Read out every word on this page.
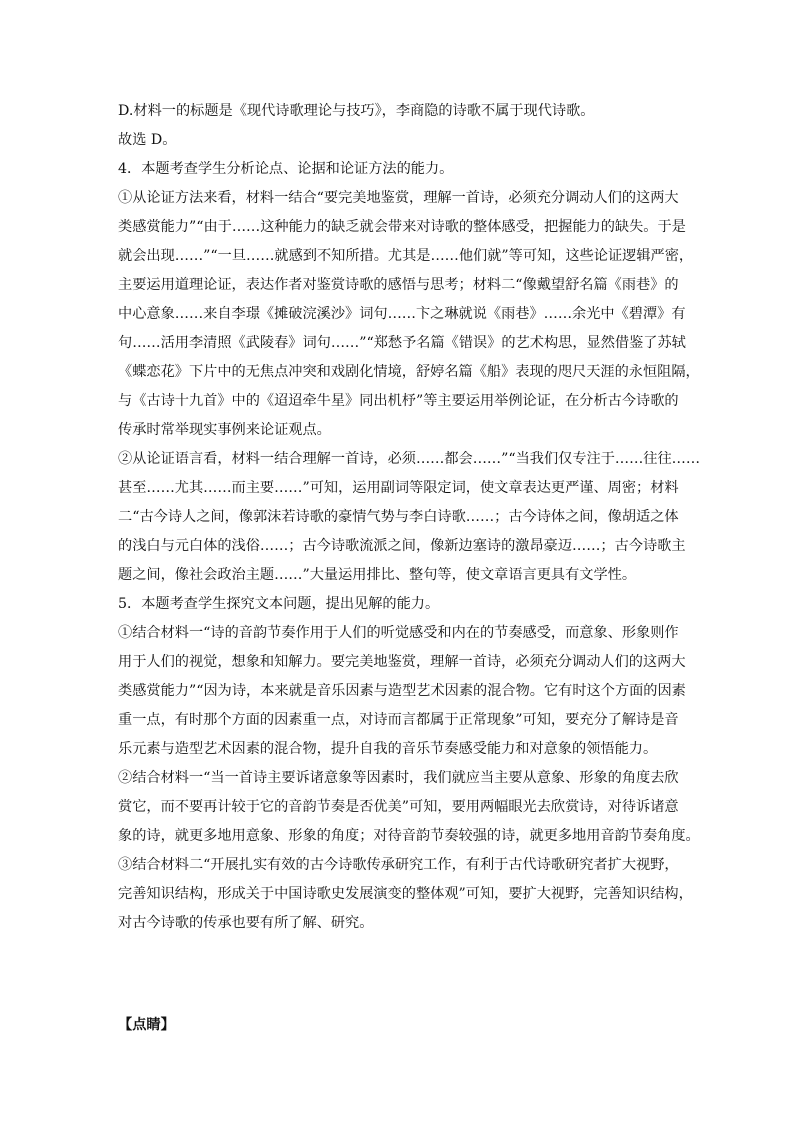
D.材料一的标题是《现代诗歌理论与技巧》，李商隐的诗歌不属于现代诗歌。

故选 D。

4．本题考查学生分析论点、论据和论证方法的能力。

①从论证方法来看，材料一结合“要完美地鉴赏，理解一首诗，必须充分调动人们的这两大

类感赏能力”“由于……这种能力的缺乏就会带来对诗歌的整体感受，把握能力的缺失。于是

就会出现……”“一旦……就感到不知所措。尤其是……他们就”等可知，这些论证逻辑严密，

主要运用道理论证，表达作者对鉴赏诗歌的感悟与思考；材料二“像戴望舒名篇《雨巷》的

中心意象……来自李璟《摊破浣溪沙》词句……卞之琳就说《雨巷》……余光中《碧潭》有

句……活用李清照《武陵春》词句……”“郑愁予名篇《错误》的艺术构思，显然借鉴了苏轼

《蝶恋花》下片中的无焦点冲突和戏剧化情境，舒婷名篇《船》表现的咫尺天涯的永恒阻隔，

与《古诗十九首》中的《迢迢牵牛星》同出机杼”等主要运用举例论证，在分析古今诗歌的

传承时常举现实事例来论证观点。

②从论证语言看，材料一结合理解一首诗，必须……都会……”“当我们仅专注于……往往……

甚至……尤其……而主要……”可知，运用副词等限定词，使文章表达更严谨、周密；材料

二“古今诗人之间，像郭沫若诗歌的豪情气势与李白诗歌……；古今诗体之间，像胡适之体

的浅白与元白体的浅俗……；古今诗歌流派之间，像新边塞诗的激昂豪迈……；古今诗歌主

题之间，像社会政治主题……”大量运用排比、整句等，使文章语言更具有文学性。

5．本题考查学生探究文本问题，提出见解的能力。

①结合材料一“诗的音韵节奏作用于人们的听觉感受和内在的节奏感受，而意象、形象则作

用于人们的视觉，想象和知解力。要完美地鉴赏，理解一首诗，必须充分调动人们的这两大

类感赏能力”“因为诗，本来就是音乐因素与造型艺术因素的混合物。它有时这个方面的因素

重一点，有时那个方面的因素重一点，对诗而言都属于正常现象”可知，要充分了解诗是音

乐元素与造型艺术因素的混合物，提升自我的音乐节奏感受能力和对意象的领悟能力。

②结合材料一“当一首诗主要诉诸意象等因素时，我们就应当主要从意象、形象的角度去欣

赏它，而不要再计较于它的音韵节奏是否优美”可知，要用两幅眼光去欣赏诗，对待诉诸意

象的诗，就更多地用意象、形象的角度；对待音韵节奏较强的诗，就更多地用音韵节奏角度。

③结合材料二“开展扎实有效的古今诗歌传承研究工作，有利于古代诗歌研究者扩大视野，

完善知识结构，形成关于中国诗歌史发展演变的整体观”可知，要扩大视野，完善知识结构，

对古今诗歌的传承也要有所了解、研究。

【点睛】
